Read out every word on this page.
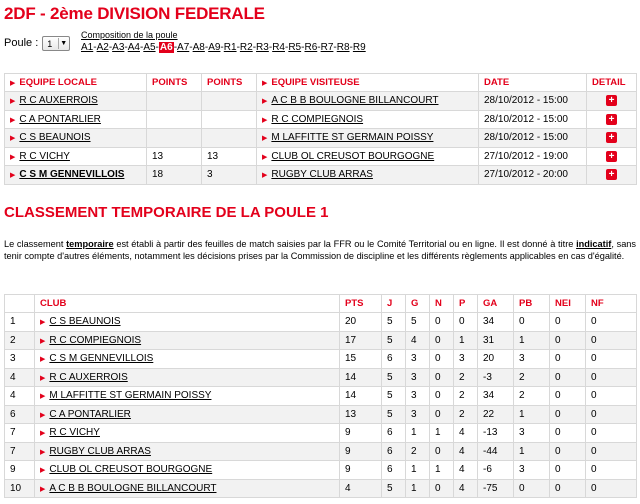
2DF - 2ème DIVISION FEDERALE
Poule : 1 ▼
Composition de la poule
A1-A2-A3-A4-A5-A6-A7-A8-A9-R1-R2-R3-R4-R5-R6-R7-R8-R9
▶ EQUIPE LOCALE	POINTS	POINTS	▶ EQUIPE VISITEUSE	DATE	DETAIL
▶ R C AUXERROIS			▶ A C B B BOULOGNE BILLANCOURT	28/10/2012 - 15:00	+
▶ C A PONTARLIER			▶ R C COMPIEGNOIS	28/10/2012 - 15:00	+
▶ C S BEAUNOIS			▶ M LAFFITTE ST GERMAIN POISSY	28/10/2012 - 15:00	+
▶ R C VICHY	13	13	▶ CLUB OL CREUSOT BOURGOGNE	27/10/2012 - 19:00	+
▶ C S M GENNEVILLOIS	18	3	▶ RUGBY CLUB ARRAS	27/10/2012 - 20:00	+
CLASSEMENT TEMPORAIRE DE LA POULE 1
Le classement temporaire est établi à partir des feuilles de match saisies par la FFR ou le Comité Territorial ou en ligne. Il est donné à titre indicatif, sans tenir compte d'autres éléments, notamment les décisions prises par la Commission de discipline et les différents règlements applicables en cas d'égalité.
	CLUB	PTS	J	G	N	P	GA	PB	NEI	NF
1	▶ C S BEAUNOIS	20	5	5	0	0	34	0	0	0
2	▶ R C COMPIEGNOIS	17	5	4	0	1	31	1	0	0
3	▶ C S M GENNEVILLOIS	15	6	3	0	3	20	3	0	0
4	▶ R C AUXERROIS	14	5	3	0	2	-3	2	0	0
4	▶ M LAFFITTE ST GERMAIN POISSY	14	5	3	0	2	34	2	0	0
6	▶ C A PONTARLIER	13	5	3	0	2	22	1	0	0
7	▶ R C VICHY	9	6	1	1	4	-13	3	0	0
7	▶ RUGBY CLUB ARRAS	9	6	2	0	4	-44	1	0	0
9	▶ CLUB OL CREUSOT BOURGOGNE	9	6	1	1	4	-6	3	0	0
10	▶ A C B B BOULOGNE BILLANCOURT	4	5	1	0	4	-75	0	0	0
